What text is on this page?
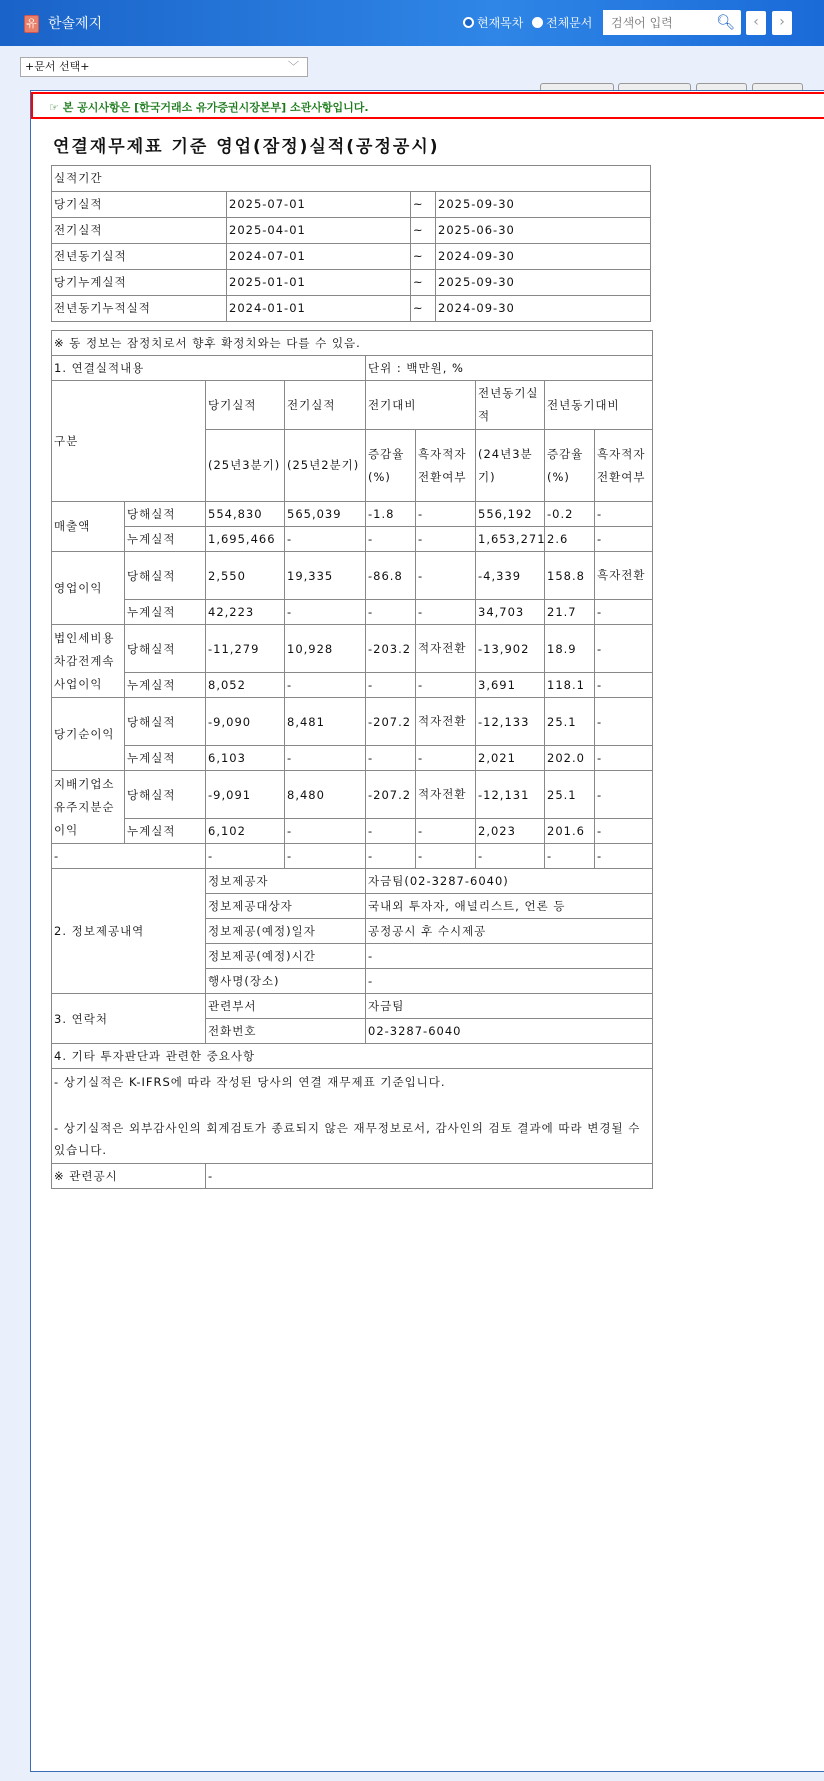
유 한솔제지	현재목차 전체문서
검색어 입력	🔍︎	‹	›
+문서 선택+	﹀
☞ 본 공시사항은 [한국거래소 유가증권시장본부] 소관사항입니다.
연결재무제표 기준 영업(잠정)실적(공정공시)
실적기간			
당기실적	2025-07-01	~	2025-09-30
전기실적	2025-04-01	~	2025-06-30
전년동기실적	2024-07-01	~	2024-09-30
당기누계실적	2025-01-01	~	2025-09-30
전년동기누적실적	2024-01-01	~	2024-09-30
※ 동 정보는 잠정치로서 향후 확정치와는 다를 수 있음.								
1. 연결실적내용				단위 : 백만원, %				
구분		당기실적	전기실적	전기대비		전년동기실적	전년동기대비	
		(25년3분기)	(25년2분기)	증감율(%)	흑자적자전환여부	(24년3분기)	증감율(%)	흑자적자전환여부
매출액	당해실적	554,830	565,039	-1.8	-	556,192	-0.2	-
	누계실적	1,695,466	-	-	-	1,653,271	2.6	-
영업이익	당해실적	2,550	19,335	-86.8	-	-4,339	158.8	흑자전환
	누계실적	42,223	-	-	-	34,703	21.7	-
법인세비용차감전계속사업이익	당해실적	-11,279	10,928	-203.2	적자전환	-13,902	18.9	-
	누계실적	8,052	-	-	-	3,691	118.1	-
당기순이익	당해실적	-9,090	8,481	-207.2	적자전환	-12,133	25.1	-
	누계실적	6,103	-	-	-	2,021	202.0	-
지배기업소유주지분순이익	당해실적	-9,091	8,480	-207.2	적자전환	-12,131	25.1	-
	누계실적	6,102	-	-	-	2,023	201.6	-
-		-	-	-	-	-	-	-
2. 정보제공내역		정보제공자		자금팀(02-3287-6040)				
		정보제공대상자		국내외 투자자, 애널리스트, 언론 등				
		정보제공(예정)일자		공정공시 후 수시제공				
		정보제공(예정)시간		-				
		행사명(장소)		-				
3. 연락처		관련부서		자금팀				
		전화번호		02-3287-6040				
4. 기타 투자판단과 관련한 중요사항								

- 상기실적은 K-IFRS에 따라 작성된 당사의 연결 재무제표 기준입니다.
- 상기실적은 외부감사인의 회계검토가 종료되지 않은 재무정보로서, 감사인의 검토 결과에 따라 변경될 수 있습니다.								

※ 관련공시		-						
